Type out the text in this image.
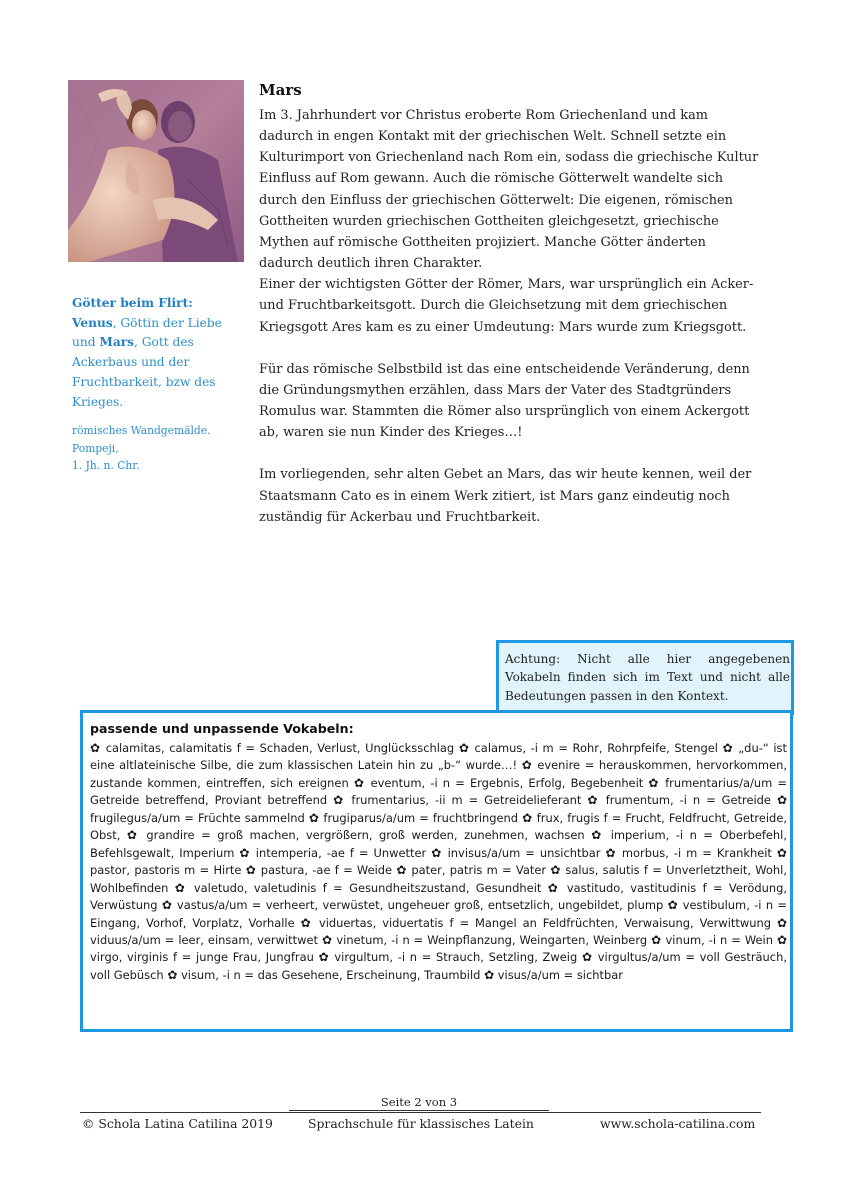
Götter beim Flirt:
Venus, Göttin der Liebe
und Mars, Gott des Ackerbaus und der Fruchtbarkeit, bzw des Krieges.
römisches Wandgemälde.
Pompeji,
1. Jh. n. Chr.
Mars

Im 3. Jahrhundert vor Christus eroberte Rom Griechenland und kam dadurch in engen Kontakt mit der griechischen Welt. Schnell setzte ein Kulturimport von Griechenland nach Rom ein, sodass die griechische Kultur Einfluss auf Rom gewann. Auch die römische Götterwelt wandelte sich durch den Einfluss der griechischen Götterwelt: Die eigenen, römischen Gottheiten wurden griechischen Gottheiten gleichgesetzt, griechische Mythen auf römische Gottheiten projiziert. Manche Götter änderten dadurch deutlich ihren Charakter.

Einer der wichtigsten Götter der Römer, Mars, war ursprünglich ein Acker- und Fruchtbarkeitsgott. Durch die Gleichsetzung mit dem griechischen Kriegsgott Ares kam es zu einer Umdeutung: Mars wurde zum Kriegsgott.

Für das römische Selbstbild ist das eine entscheidende Veränderung, denn die Gründungsmythen erzählen, dass Mars der Vater des Stadtgründers Romulus war. Stammten die Römer also ursprünglich von einem Ackergott ab, waren sie nun Kinder des Krieges…!

Im vorliegenden, sehr alten Gebet an Mars, das wir heute kennen, weil der Staatsmann Cato es in einem Werk zitiert, ist Mars ganz eindeutig noch zuständig für Ackerbau und Fruchtbarkeit.

Achtung: Nicht alle hier angegebenen Vokabeln finden sich im Text und nicht alle Bedeutungen passen in den Kontext.
passende und unpassende Vokabeln:
✿ calamitas, calamitatis f = Schaden, Verlust, Unglücksschlag ✿ calamus, -i m = Rohr, Rohrpfeife, Stengel ✿ „du-“ ist eine altlateinische Silbe, die zum klassischen Latein hin zu „b-“ wurde…! ✿ evenire = herauskommen, hervorkommen, zustande kommen, eintreffen, sich ereignen ✿ eventum, -i n = Ergebnis, Erfolg, Begebenheit ✿ frumentarius/a/um = Getreide betreffend, Proviant betreffend ✿ frumentarius, -ii m = Getreidelieferant ✿ frumentum, -i n = Getreide ✿ frugilegus/a/um = Früchte sammelnd ✿ frugiparus/a/um = fruchtbringend ✿ frux, frugis f = Frucht, Feldfrucht, Getreide, Obst, ✿ grandire = groß machen, vergrößern, groß werden, zunehmen, wachsen ✿ imperium, -i n = Oberbefehl, Befehlsgewalt, Imperium ✿ intemperia, -ae f = Unwetter ✿ invisus/a/um = unsichtbar ✿ morbus, -i m = Krankheit ✿ pastor, pastoris m = Hirte ✿ pastura, -ae f = Weide ✿ pater, patris m = Vater ✿ salus, salutis f = Unverletztheit, Wohl, Wohlbefinden ✿ valetudo, valetudinis f = Gesundheitszustand, Gesundheit ✿ vastitudo, vastitudinis f = Verödung, Verwüstung ✿ vastus/a/um = verheert, verwüstet, ungeheuer groß, entsetzlich, ungebildet, plump ✿ vestibulum, -i n = Eingang, Vorhof, Vorplatz, Vorhalle ✿ viduertas, viduertatis f = Mangel an Feldfrüchten, Verwaisung, Verwittwung ✿ viduus/a/um = leer, einsam, verwittwet ✿ vinetum, -i n = Weinpflanzung, Weingarten, Weinberg ✿ vinum, -i n = Wein ✿ virgo, virginis f = junge Frau, Jungfrau ✿ virgultum, -i n = Strauch, Setzling, Zweig ✿ virgultus/a/um = voll Gesträuch, voll Gebüsch ✿ visum, -i n = das Gesehene, Erscheinung, Traumbild ✿ visus/a/um = sichtbar
Seite 2 von 3
© Schola Latina Catilina 2019	Sprachschule für klassisches Latein	www.schola-catilina.com
